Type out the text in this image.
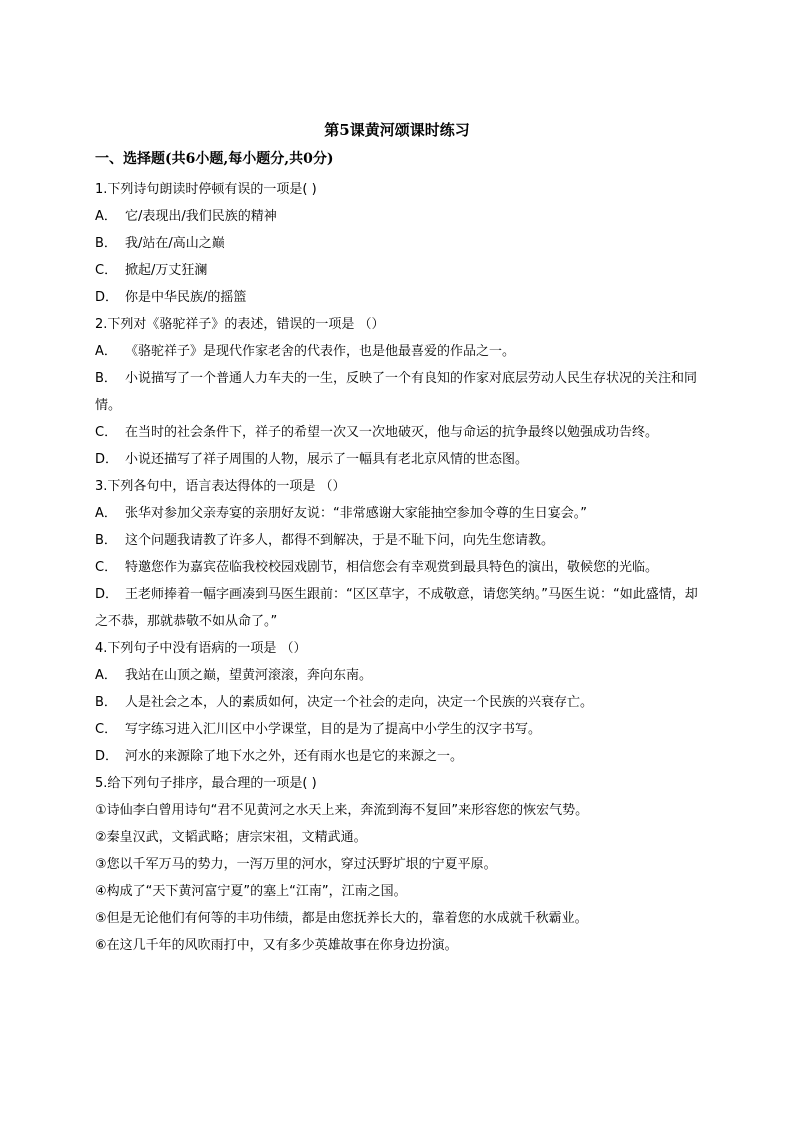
第5课黄河颂课时练习
一、选择题(共6小题,每小题分,共0分)
1.下列诗句朗读时停顿有误的一项是( )
A． 它/表现出/我们民族的精神
B． 我/站在/高山之巅
C． 掀起/万丈狂澜
D． 你是中华民族/的摇篮
2.下列对《骆驼祥子》的表述，错误的一项是 （）
A． 《骆驼祥子》是现代作家老舍的代表作，也是他最喜爱的作品之一。
B． 小说描写了一个普通人力车夫的一生，反映了一个有良知的作家对底层劳动人民生存状况的关注和同情。
C． 在当时的社会条件下，祥子的希望一次又一次地破灭，他与命运的抗争最终以勉强成功告终。
D． 小说还描写了祥子周围的人物，展示了一幅具有老北京风情的世态图。
3.下列各句中，语言表达得体的一项是 （）
A． 张华对参加父亲寿宴的亲朋好友说：“非常感谢大家能抽空参加令尊的生日宴会。”
B． 这个问题我请教了许多人，都得不到解决，于是不耻下问，向先生您请教。
C． 特邀您作为嘉宾莅临我校校园戏剧节，相信您会有幸观赏到最具特色的演出，敬候您的光临。
D． 王老师捧着一幅字画凑到马医生跟前：“区区草字，不成敬意，请您笑纳。”马医生说：“如此盛情，却之不恭，那就恭敬不如从命了。”
4.下列句子中没有语病的一项是 （）
A． 我站在山顶之巅，望黄河滚滚，奔向东南。
B． 人是社会之本，人的素质如何，决定一个社会的走向，决定一个民族的兴衰存亡。
C． 写字练习进入汇川区中小学课堂，目的是为了提高中小学生的汉字书写。
D． 河水的来源除了地下水之外，还有雨水也是它的来源之一。
5.给下列句子排序，最合理的一项是( )
①诗仙李白曾用诗句“君不见黄河之水天上来，奔流到海不复回”来形容您的恢宏气势。
②秦皇汉武，文韬武略；唐宗宋祖，文精武通。
③您以千军万马的势力，一泻万里的河水，穿过沃野圹垠的宁夏平原。
④构成了“天下黄河富宁夏”的塞上“江南”，江南之国。
⑤但是无论他们有何等的丰功伟绩，都是由您抚养长大的，靠着您的水成就千秋霸业。
⑥在这几千年的风吹雨打中，又有多少英雄故事在你身边扮演。
